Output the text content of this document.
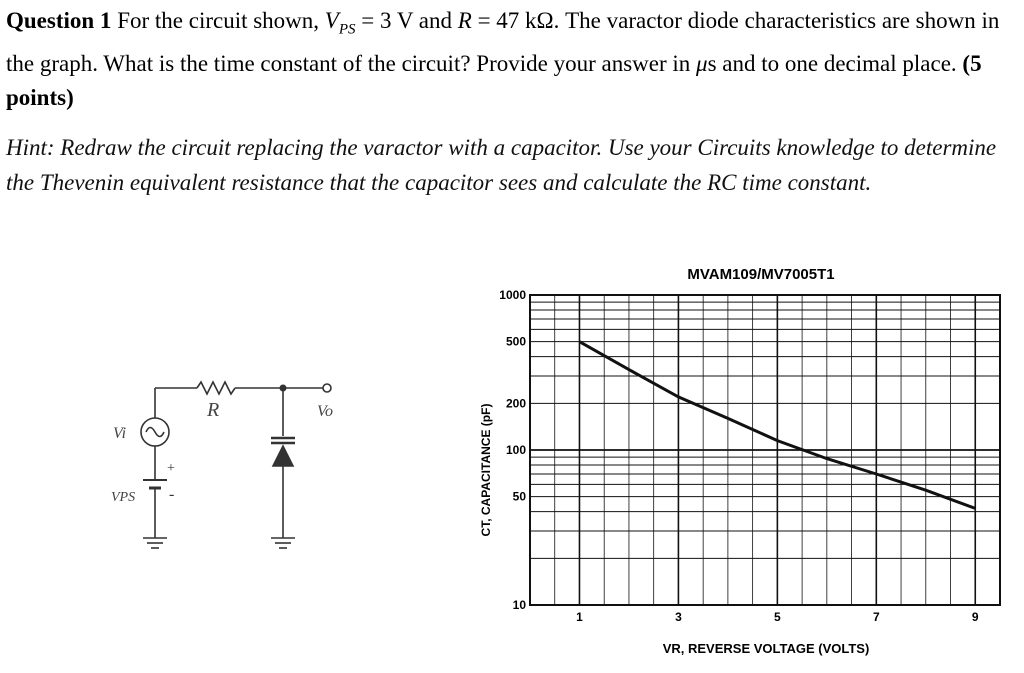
Question 1 For the circuit shown, $V_{PS} = 3$ V and R = 47 kΩ. The varactor diode characteristics are shown in the graph. What is the time constant of the circuit? Provide your answer in μs and to one decimal place. (5 points)

Hint: Redraw the circuit replacing the varactor with a capacitor. Use your Circuits knowledge to determine the Thevenin equivalent resistance that the capacitor sees and calculate the RC time constant.

Vi
R	Vo
VPS
+
-
MVAM109/MV7005T1
CT, CAPACITANCE (pF)
VR, REVERSE VOLTAGE (VOLTS)
1000
500
200
100
50
10
1	3	5	7	9
